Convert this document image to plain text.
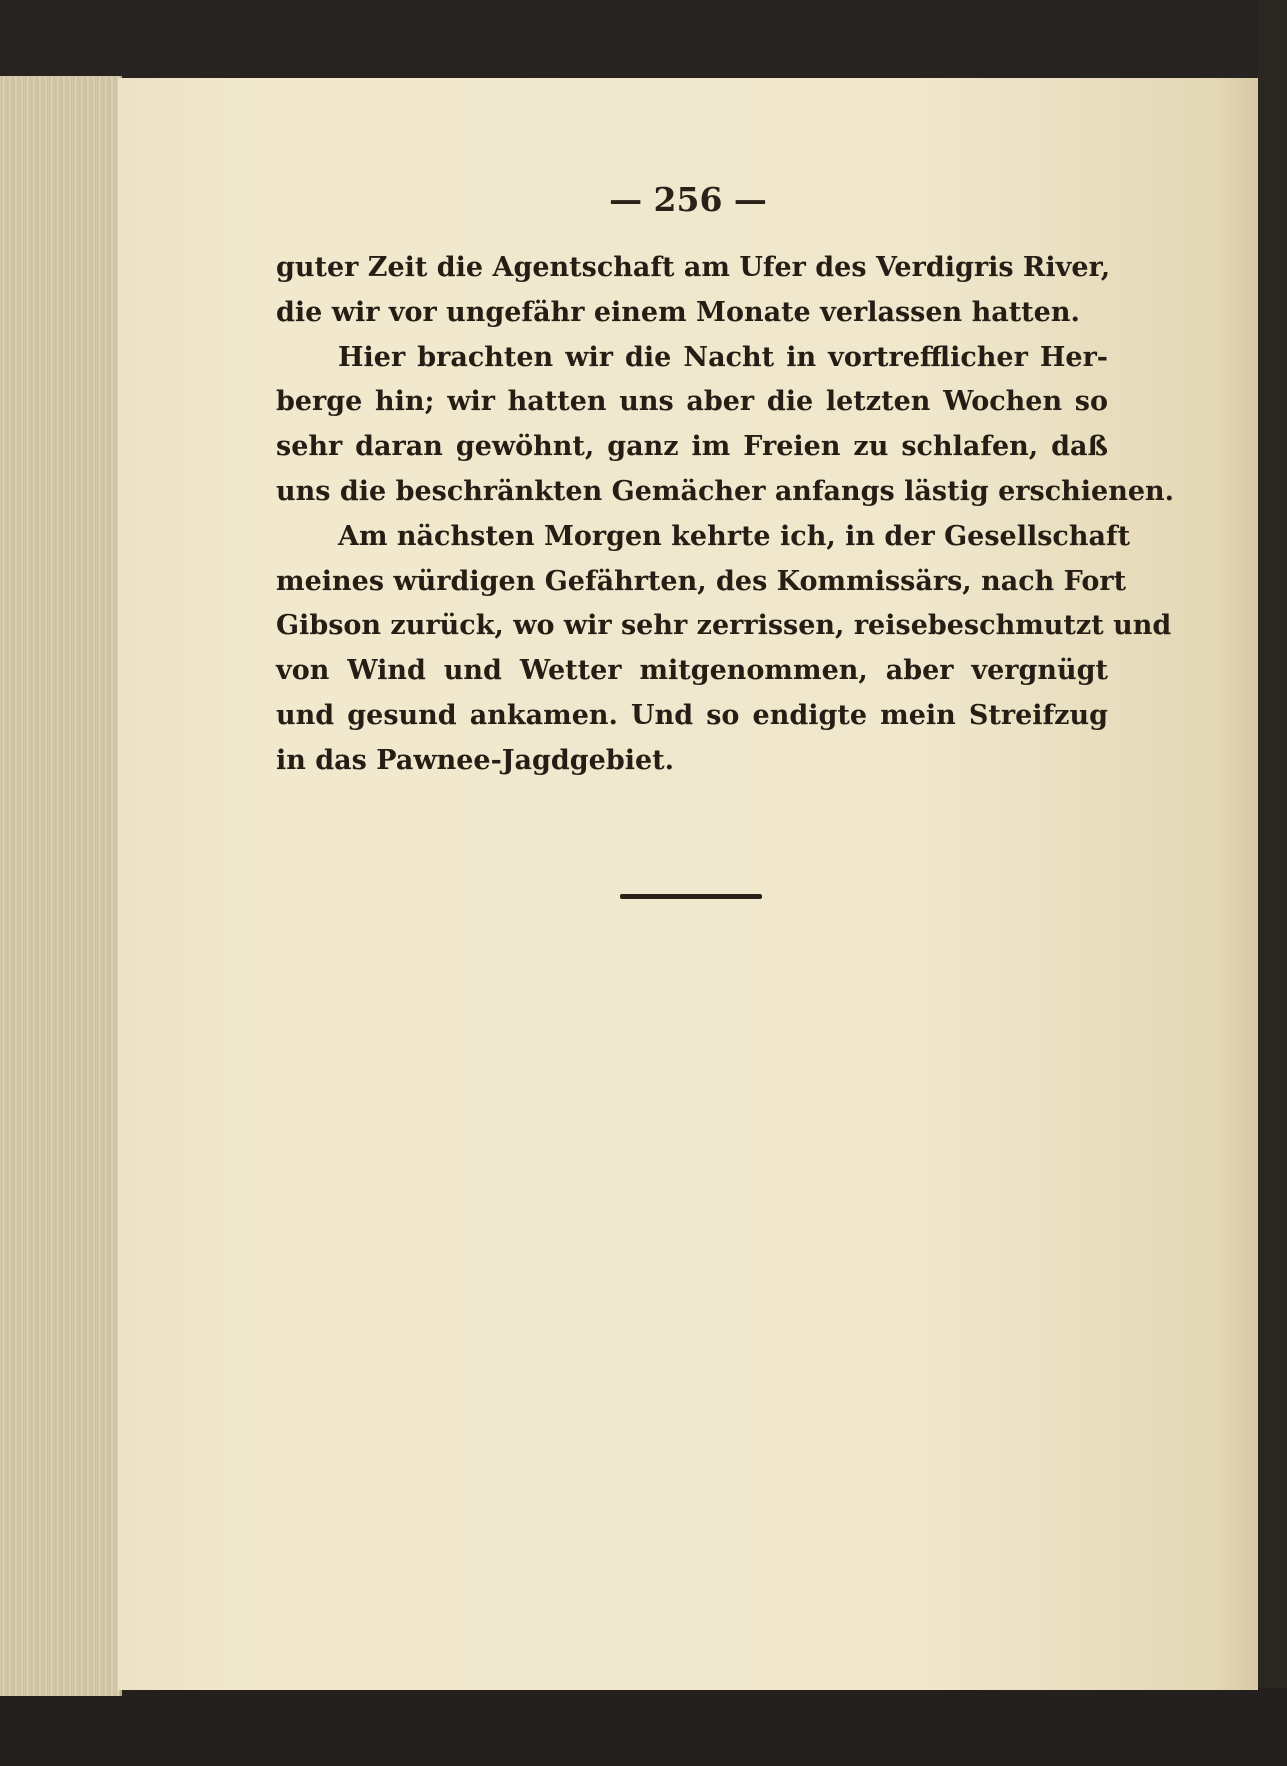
— 256 —
guter Zeit die Agentschaft am Ufer des Verdigris River,
die wir vor ungefähr einem Monate verlassen hatten.
Hier brachten wir die Nacht in vortrefflicher Her-
berge hin; wir hatten uns aber die letzten Wochen so
sehr daran gewöhnt, ganz im Freien zu schlafen, daß
uns die beschränkten Gemächer anfangs lästig erschienen.
Am nächsten Morgen kehrte ich, in der Gesellschaft
meines würdigen Gefährten, des Kommissärs, nach Fort
Gibson zurück, wo wir sehr zerrissen, reisebeschmutzt und
von Wind und Wetter mitgenommen, aber vergnügt
und gesund ankamen. Und so endigte mein Streifzug
in das Pawnee-Jagdgebiet.
